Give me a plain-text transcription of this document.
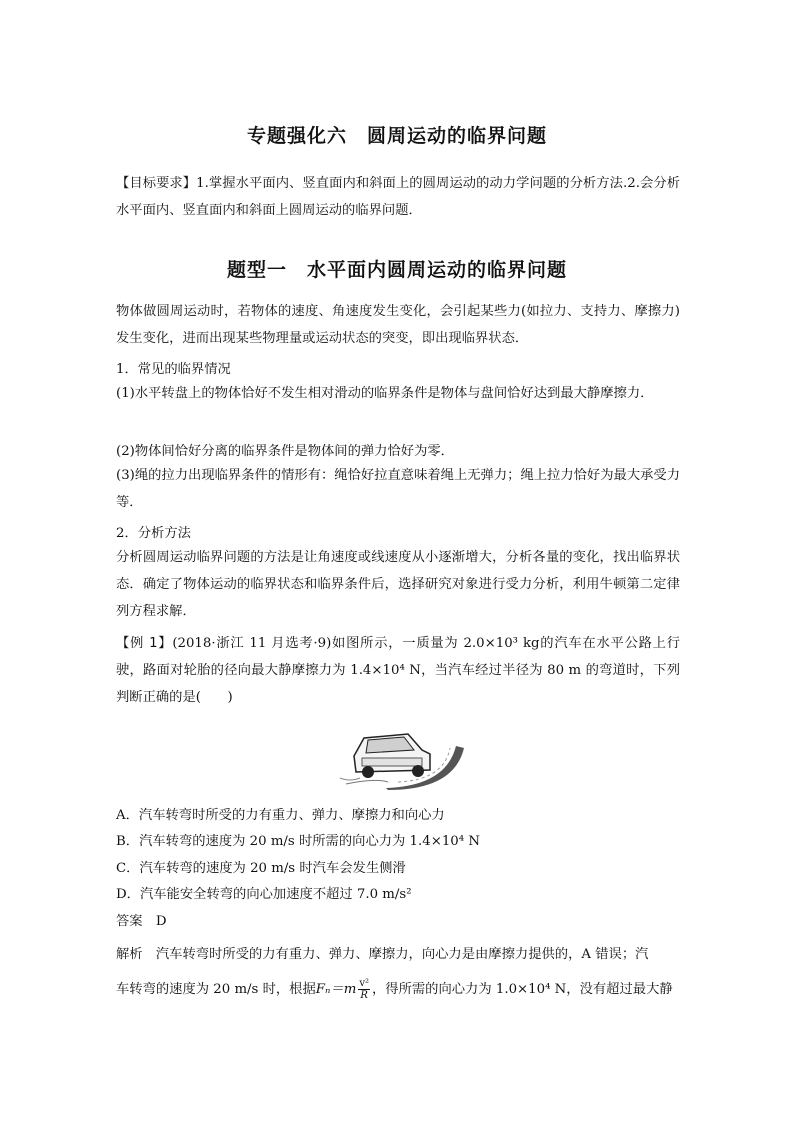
专题强化六　圆周运动的临界问题
【目标要求】1.掌握水平面内、竖直面内和斜面上的圆周运动的动力学问题的分析方法.2.会分析水平面内、竖直面内和斜面上圆周运动的临界问题．
题型一　水平面内圆周运动的临界问题
物体做圆周运动时，若物体的速度、角速度发生变化，会引起某些力(如拉力、支持力、摩擦力)发生变化，进而出现某些物理量或运动状态的突变，即出现临界状态．
1．常见的临界情况
(1)水平转盘上的物体恰好不发生相对滑动的临界条件是物体与盘间恰好达到最大静摩擦力．
(2)物体间恰好分离的临界条件是物体间的弹力恰好为零．
(3)绳的拉力出现临界条件的情形有：绳恰好拉直意味着绳上无弹力；绳上拉力恰好为最大承受力等．
2．分析方法
分析圆周运动临界问题的方法是让角速度或线速度从小逐渐增大，分析各量的变化，找出临界状态．确定了物体运动的临界状态和临界条件后，选择研究对象进行受力分析，利用牛顿第二定律列方程求解．
【例 1】(2018·浙江 11 月选考·9)如图所示，一质量为 2.0×10³ kg的汽车在水平公路上行驶，路面对轮胎的径向最大静摩擦力为 1.4×10⁴ N，当汽车经过半径为 80 m 的弯道时，下列判断正确的是(　　)
A．汽车转弯时所受的力有重力、弹力、摩擦力和向心力
B．汽车转弯的速度为 20 m/s 时所需的向心力为 1.4×10⁴ N
C．汽车转弯的速度为 20 m/s 时汽车会发生侧滑
D．汽车能安全转弯的向心加速度不超过 7.0 m/s²
答案　D
解析　汽车转弯时所受的力有重力、弹力、摩擦力，向心力是由摩擦力提供的，A 错误；汽
车转弯的速度为 20 m/s 时，根据$F_n=m \frac{\text{v²}}{R}$ ，得所需的向心力为 1.0×10⁴ N，没有超过最大静
